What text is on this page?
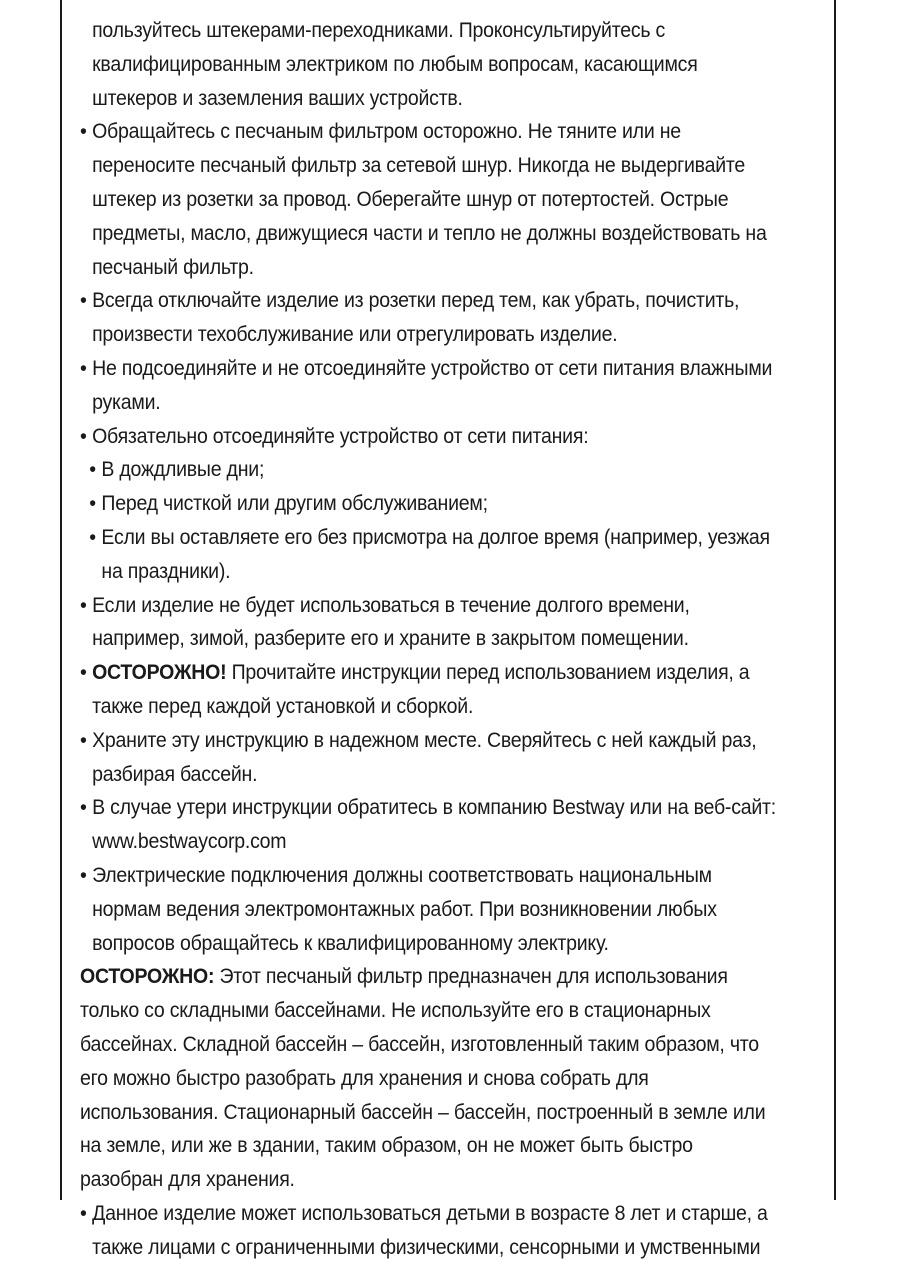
пользуйтесь штекерами-переходниками. Проконсультируйтесь с квалифицированным электриком по любым вопросам, касающимся штекеров и заземления ваших устройств.
• Обращайтесь с песчаным фильтром осторожно. Не тяните или не переносите песчаный фильтр за сетевой шнур. Никогда не выдергивайте штекер из розетки за провод. Оберегайте шнур от потертостей. Острые предметы, масло, движущиеся части и тепло не должны воздействовать на песчаный фильтр.
• Всегда отключайте изделие из розетки перед тем, как убрать, почистить, произвести техобслуживание или отрегулировать изделие.
• Не подсоединяйте и не отсоединяйте устройство от сети питания влажными руками.
• Обязательно отсоединяйте устройство от сети питания:
• В дождливые дни;
• Перед чисткой или другим обслуживанием;
• Если вы оставляете его без присмотра на долгое время (например, уезжая на праздники).
• Если изделие не будет использоваться в течение долгого времени, например, зимой, разберите его и храните в закрытом помещении.
• ОСТОРОЖНО! Прочитайте инструкции перед использованием изделия, а также перед каждой установкой и сборкой.
• Храните эту инструкцию в надежном месте. Сверяйтесь с ней каждый раз, разбирая бассейн.
• В случае утери инструкции обратитесь в компанию Bestway или на веб-сайт: www.bestwaycorp.com
• Электрические подключения должны соответствовать национальным нормам ведения электромонтажных работ. При возникновении любых вопросов обращайтесь к квалифицированному электрику.
ОСТОРОЖНО: Этот песчаный фильтр предназначен для использования только со складными бассейнами. Не используйте его в стационарных бассейнах. Складной бассейн – бассейн, изготовленный таким образом, что его можно быстро разобрать для хранения и снова собрать для использования. Стационарный бассейн – бассейн, построенный в земле или на земле, или же в здании, таким образом, он не может быть быстро разобран для хранения.
• Данное изделие может использоваться детьми в возрасте 8 лет и старше, а также лицами с ограниченными физическими, сенсорными и умственными
